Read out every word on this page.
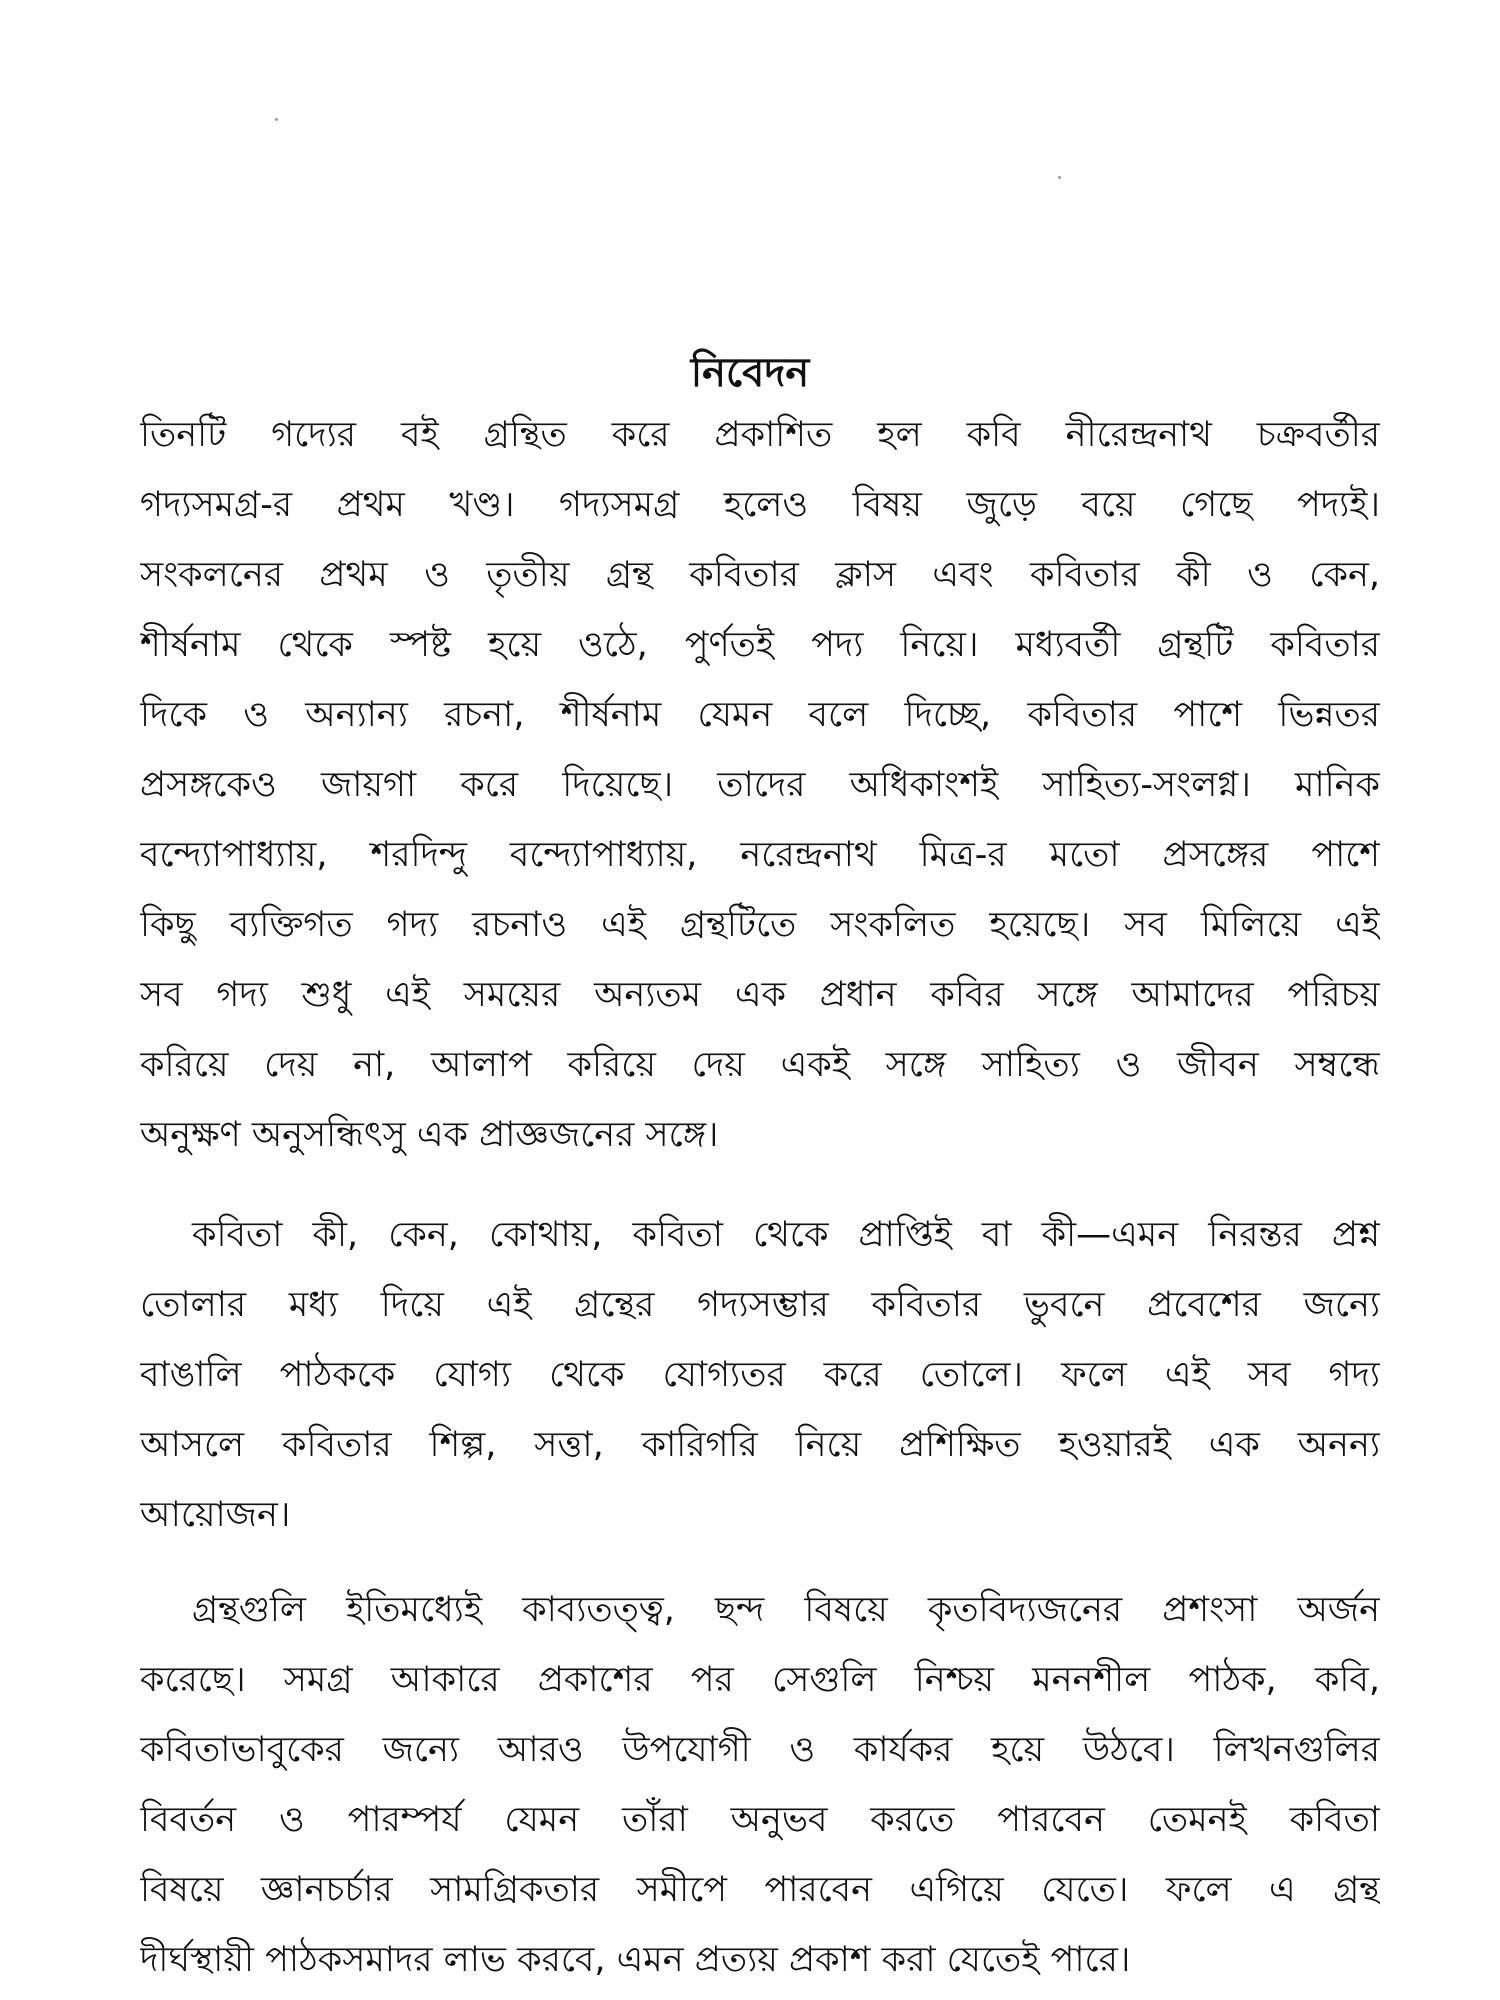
নিবেদন

তিনটি গদ্যের বই গ্রন্থিত করে প্রকাশিত হল কবি নীরেন্দ্রনাথ চক্রবর্তীর

গদ্যসমগ্র-র প্রথম খণ্ড। গদ্যসমগ্র হলেও বিষয় জুড়ে বয়ে গেছে পদ্যই।

সংকলনের প্রথম ও তৃতীয় গ্রন্থ কবিতার ক্লাস এবং কবিতার কী ও কেন,

শীর্ষনাম থেকে স্পষ্ট হয়ে ওঠে, পুর্ণতই পদ্য নিয়ে। মধ্যবর্তী গ্রন্থটি কবিতার

দিকে ও অন্যান্য রচনা, শীর্ষনাম যেমন বলে দিচ্ছে, কবিতার পাশে ভিন্নতর

প্রসঙ্গকেও জায়গা করে দিয়েছে। তাদের অধিকাংশই সাহিত্য-সংলগ্ন। মানিক

বন্দ্যোপাধ্যায়, শরদিন্দু বন্দ্যোপাধ্যায়, নরেন্দ্রনাথ মিত্র-র মতো প্রসঙ্গের পাশে

কিছু ব্যক্তিগত গদ্য রচনাও এই গ্রন্থটিতে সংকলিত হয়েছে। সব মিলিয়ে এই

সব গদ্য শুধু এই সময়ের অন্যতম এক প্রধান কবির সঙ্গে আমাদের পরিচয়

করিয়ে দেয় না, আলাপ করিয়ে দেয় একই সঙ্গে সাহিত্য ও জীবন সম্বন্ধে

অনুক্ষণ অনুসন্ধিৎসু এক প্রাজ্ঞজনের সঙ্গে।

কবিতা কী, কেন, কোথায়, কবিতা থেকে প্রাপ্তিই বা কী—এমন নিরন্তর প্রশ্ন

তোলার মধ্য দিয়ে এই গ্রন্থের গদ্যসম্ভার কবিতার ভুবনে প্রবেশের জন্যে

বাঙালি পাঠককে যোগ্য থেকে যোগ্যতর করে তোলে। ফলে এই সব গদ্য

আসলে কবিতার শিল্প, সত্তা, কারিগরি নিয়ে প্রশিক্ষিত হওয়ারই এক অনন্য

আয়োজন।

গ্রন্থগুলি ইতিমধ্যেই কাব্যতত্ত্ব, ছন্দ বিষয়ে কৃতবিদ্যজনের প্রশংসা অর্জন

করেছে। সমগ্র আকারে প্রকাশের পর সেগুলি নিশ্চয় মননশীল পাঠক, কবি,

কবিতাভাবুকের জন্যে আরও উপযোগী ও কার্যকর হয়ে উঠবে। লিখনগুলির

বিবর্তন ও পারম্পর্য যেমন তাঁরা অনুভব করতে পারবেন তেমনই কবিতা

বিষয়ে জ্ঞানচর্চার সামগ্রিকতার সমীপে পারবেন এগিয়ে যেতে। ফলে এ গ্রন্থ

দীর্ঘস্থায়ী পাঠকসমাদর লাভ করবে, এমন প্রত্যয় প্রকাশ করা যেতেই পারে।
